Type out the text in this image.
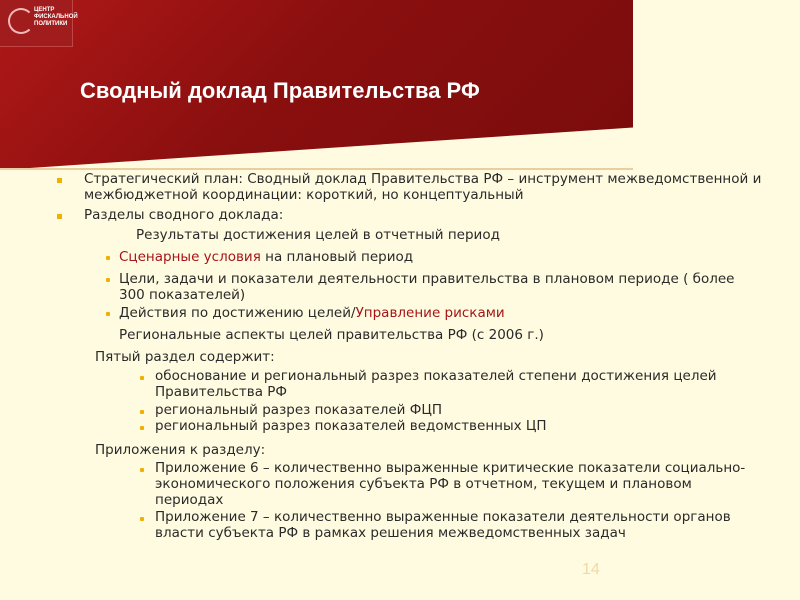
ЦЕНТР ФИСКАЛЬНОЙ ПОЛИТИКИ
Сводный доклад Правительства РФ
Стратегический план: Сводный доклад Правительства РФ – инструмент межведомственной и межбюджетной координации: короткий, но концептуальный
Разделы сводного доклада:
Результаты достижения целей в отчетный период
Сценарные условия на плановый период
Цели, задачи и показатели деятельности правительства в плановом периоде ( более 300 показателей)
Действия по достижению целей/Управление рисками
Региональные аспекты целей правительства РФ (с 2006 г.)
Пятый раздел содержит:
обоснование и региональный разрез показателей степени достижения целей Правительства РФ
региональный разрез показателей ФЦП
региональный разрез показателей ведомственных ЦП
Приложения к разделу:
Приложение 6 – количественно выраженные критические показатели социально-экономического положения субъекта РФ в отчетном, текущем и плановом периодах
Приложение 7 – количественно выраженные показатели деятельности органов власти субъекта РФ в рамках решения межведомственных задач
14
